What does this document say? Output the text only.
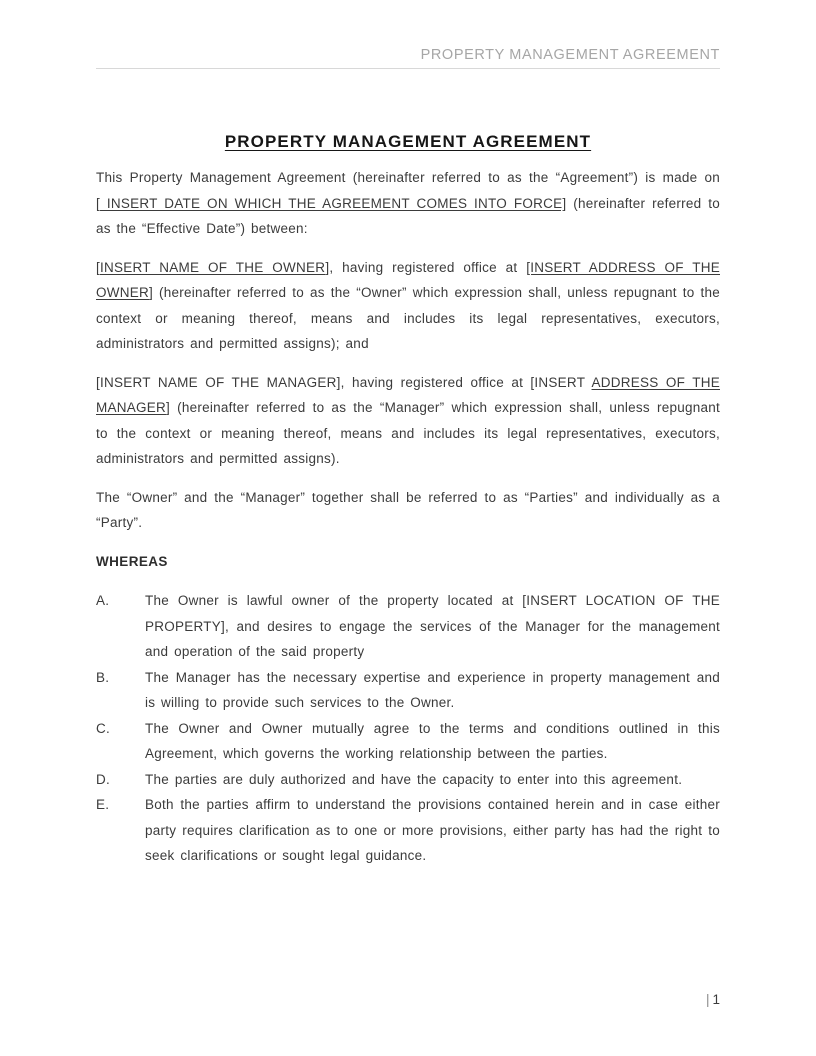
PROPERTY MANAGEMENT AGREEMENT
PROPERTY MANAGEMENT AGREEMENT

This Property Management Agreement (hereinafter referred to as the “Agreement”) is made on [ INSERT DATE ON WHICH THE AGREEMENT COMES INTO FORCE] (hereinafter referred to as the “Effective Date”) between:

[INSERT NAME OF THE OWNER], having registered office at [INSERT ADDRESS OF THE OWNER] (hereinafter referred to as the “Owner” which expression shall, unless repugnant to the context or meaning thereof, means and includes its legal representatives, executors, administrators and permitted assigns); and

[INSERT NAME OF THE MANAGER], having registered office at [INSERT ADDRESS OF THE MANAGER] (hereinafter referred to as the “Manager” which expression shall, unless repugnant to the context or meaning thereof, means and includes its legal representatives, executors, administrators and permitted assigns).

The “Owner” and the “Manager” together shall be referred to as “Parties” and individually as a “Party”.

WHEREAS
A.	The Owner is lawful owner of the property located at [INSERT LOCATION OF THE PROPERTY], and desires to engage the services of the Manager for the management and operation of the said property
B.	The Manager has the necessary expertise and experience in property management and is willing to provide such services to the Owner.
C.	The Owner and Owner mutually agree to the terms and conditions outlined in this Agreement, which governs the working relationship between the parties.
D.	The parties are duly authorized and have the capacity to enter into this agreement.
E.	Both the parties affirm to understand the provisions contained herein and in case either party requires clarification as to one or more provisions, either party has had the right to seek clarifications or sought legal guidance.
| 1
